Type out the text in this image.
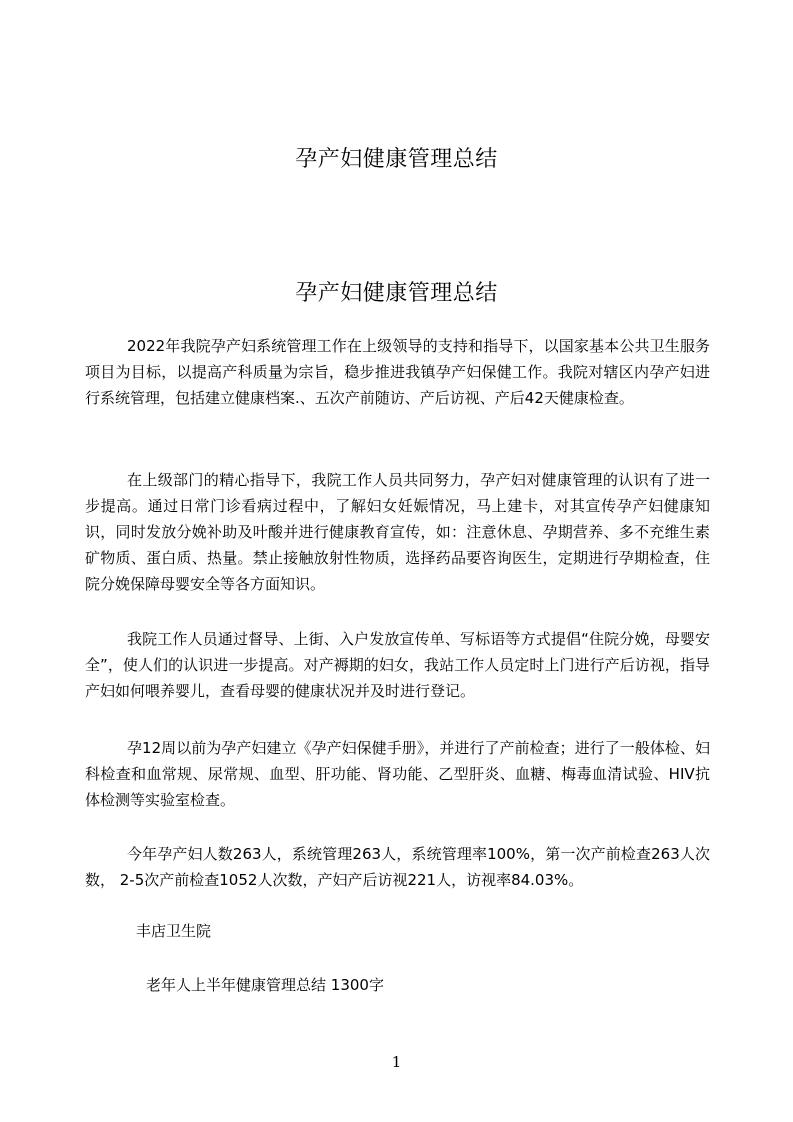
孕产妇健康管理总结
孕产妇健康管理总结

2022年我院孕产妇系统管理工作在上级领导的支持和指导下，以国家基本公共卫生服务项目为目标，以提高产科质量为宗旨，稳步推进我镇孕产妇保健工作。我院对辖区内孕产妇进行系统管理，包括建立健康档案.、五次产前随访、产后访视、产后42天健康检查。

在上级部门的精心指导下，我院工作人员共同努力，孕产妇对健康管理的认识有了进一步提高。通过日常门诊看病过程中，了解妇女妊娠情况，马上建卡，对其宣传孕产妇健康知识，同时发放分娩补助及叶酸并进行健康教育宣传，如：注意休息、孕期营养、多不充维生素矿物质、蛋白质、热量。禁止接触放射性物质，选择药品要咨询医生，定期进行孕期检查，住院分娩保障母婴安全等各方面知识。

我院工作人员通过督导、上街、入户发放宣传单、写标语等方式提倡“住院分娩，母婴安全”，使人们的认识进一步提高。对产褥期的妇女，我站工作人员定时上门进行产后访视，指导产妇如何喂养婴儿，查看母婴的健康状况并及时进行登记。

孕12周以前为孕产妇建立《孕产妇保健手册》，并进行了产前检查；进行了一般体检、妇科检查和血常规、尿常规、血型、肝功能、肾功能、乙型肝炎、血糖、梅毒血清试验、HIV抗体检测等实验室检查。

今年孕产妇人数263人，系统管理263人，系统管理率100%，第一次产前检查263人次数， 2-5次产前检查1052人次数，产妇产后访视221人，访视率84.03%。

丰店卫生院

老年人上半年健康管理总结 1300字

1
